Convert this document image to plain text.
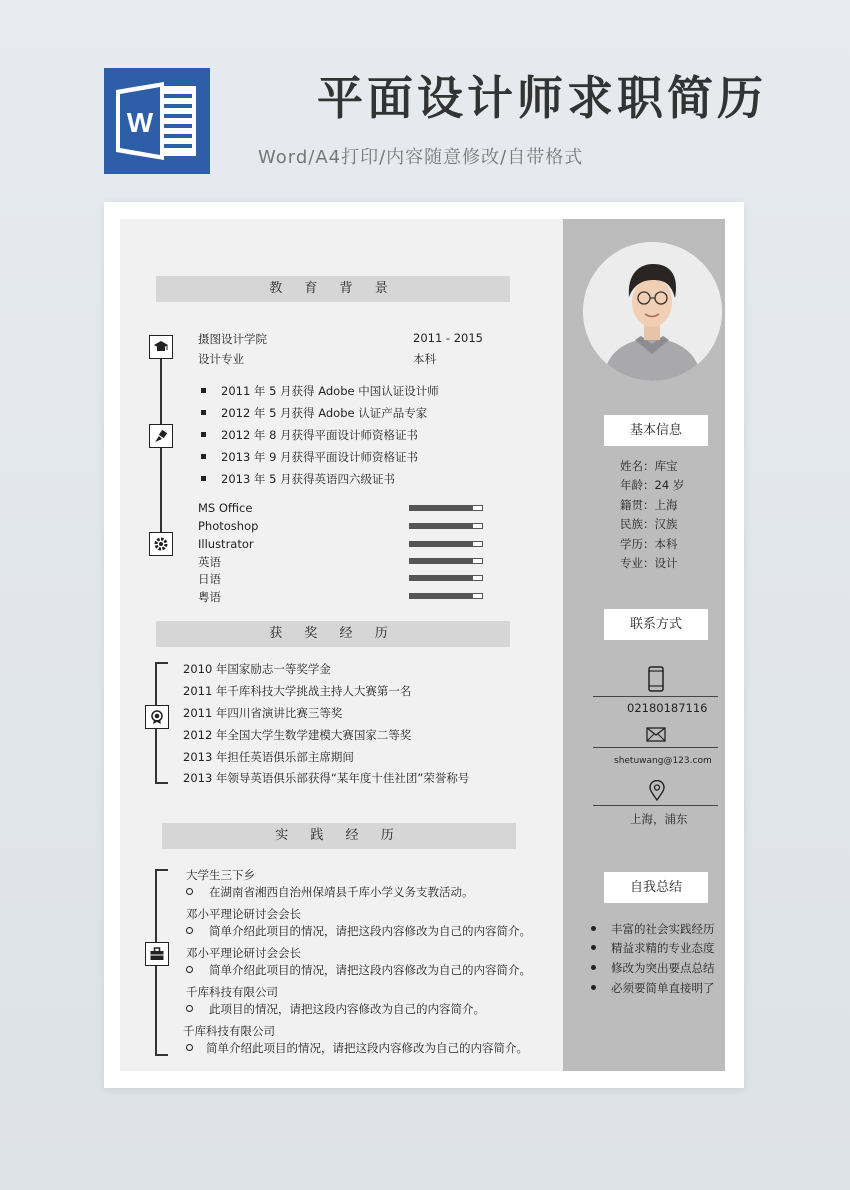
W	平面设计师求职简历
Word/A4打印/内容随意修改/自带格式
教 育 背 景
摄图设计学院	2011 - 2015
设计专业	本科
2011 年 5 月获得 Adobe 中国认证设计师
2012 年 5 月获得 Adobe 认证产品专家
2012 年 8 月获得平面设计师资格证书
2013 年 9 月获得平面设计师资格证书
2013 年 5 月获得英语四六级证书
MS Office
Photoshop
Illustrator
英语
日语
粤语
获 奖 经 历
2010 年国家励志一等奖学金
2011 年千库科技大学挑战主持人大赛第一名
2011 年四川省演讲比赛三等奖
2012 年全国大学生数学建模大赛国家二等奖
2013 年担任英语俱乐部主席期间
2013 年领导英语俱乐部获得“某年度十佳社团”荣誉称号
实 践 经 历
大学生三下乡
在湖南省湘西自治州保靖县千库小学义务支教活动。
邓小平理论研讨会会长
简单介绍此项目的情况，请把这段内容修改为自己的内容简介。
邓小平理论研讨会会长
简单介绍此项目的情况，请把这段内容修改为自己的内容简介。
千库科技有限公司
此项目的情况，请把这段内容修改为自己的内容简介。
千库科技有限公司
简单介绍此项目的情况，请把这段内容修改为自己的内容简介。
基本信息
姓名：库宝
年龄：24 岁
籍贯：上海
民族：汉族
学历：本科
专业：设计
联系方式
02180187116
shetuwang@123.com
上海，浦东
自我总结
丰富的社会实践经历
精益求精的专业态度
修改为突出要点总结
必须要简单直接明了
